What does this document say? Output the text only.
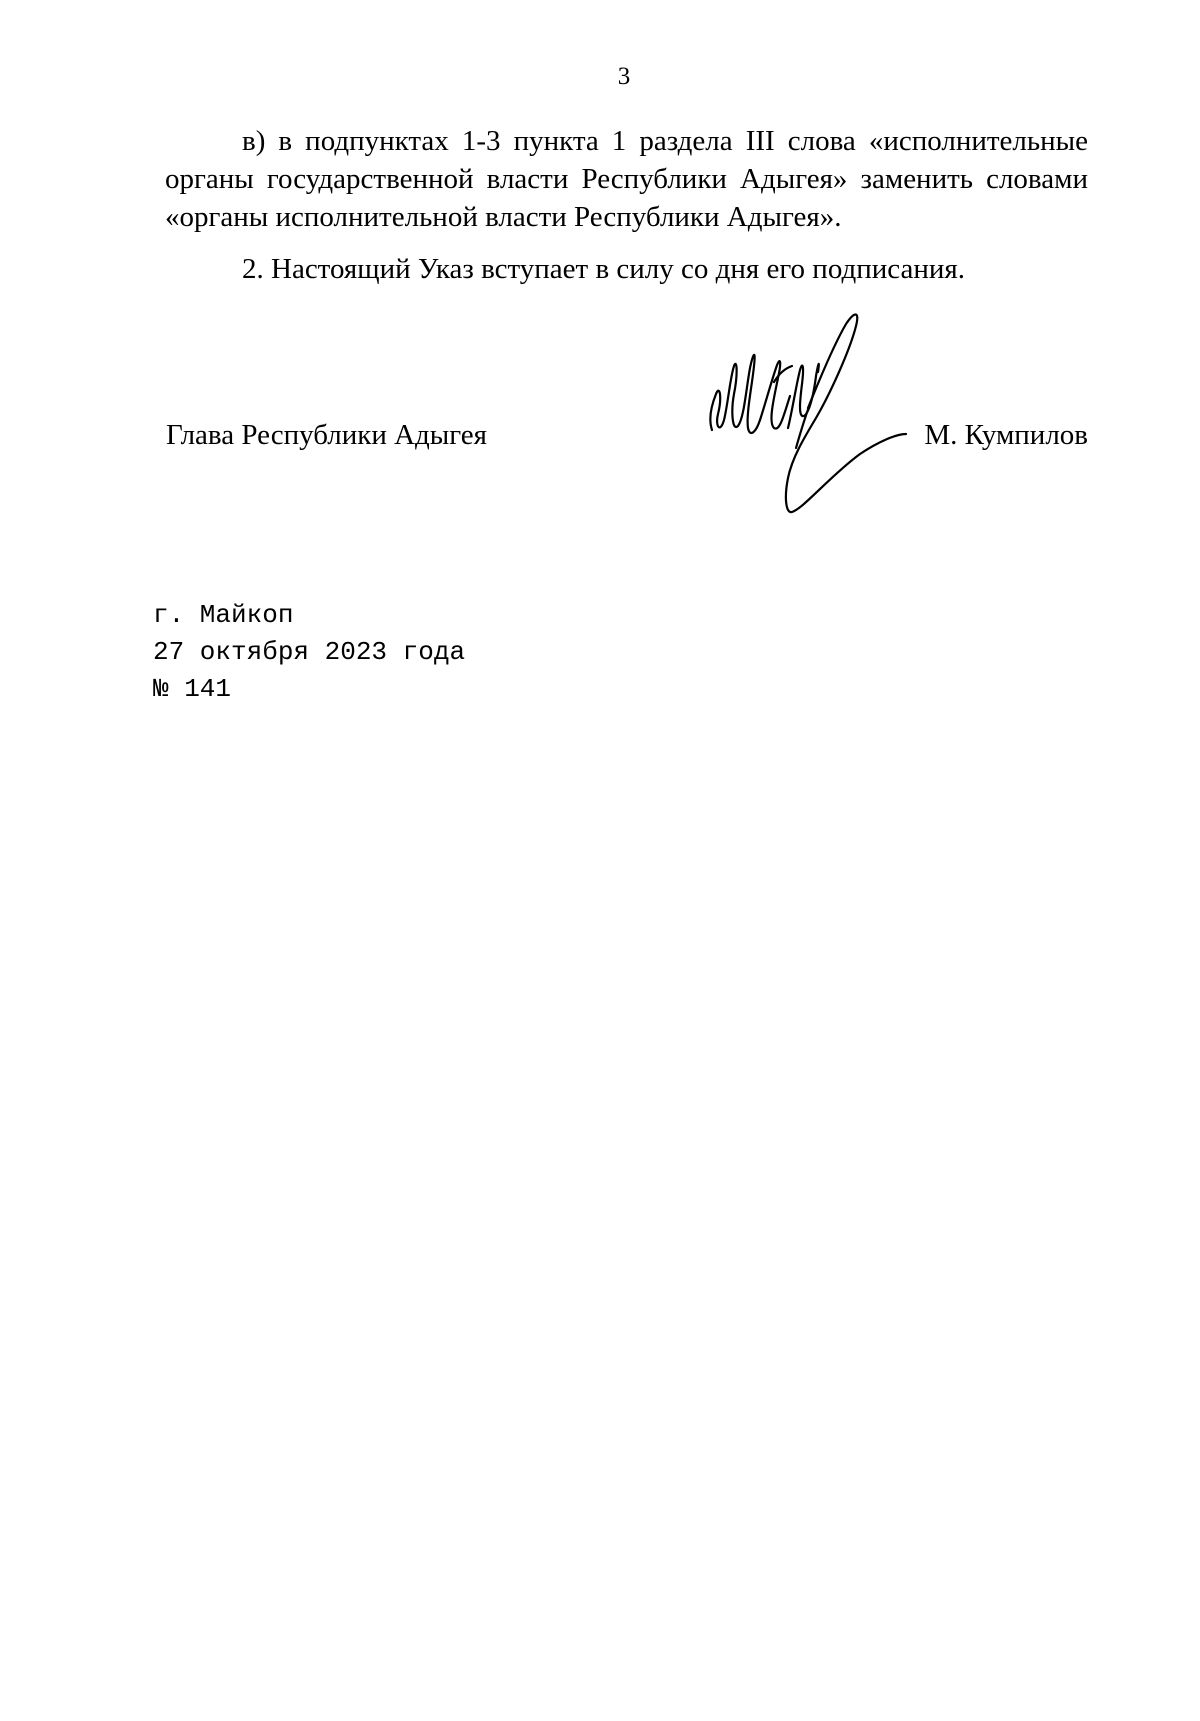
3

в) в подпунктах 1-3 пункта 1 раздела III слова «исполнительные органы государственной власти Республики Адыгея» заменить словами «органы исполнительной власти Республики Адыгея».

2. Настоящий Указ вступает в силу со дня его подписания.

Глава Республики Адыгея	М. Кумпилов
г. Майкоп
27 октября 2023 года
№ 141
